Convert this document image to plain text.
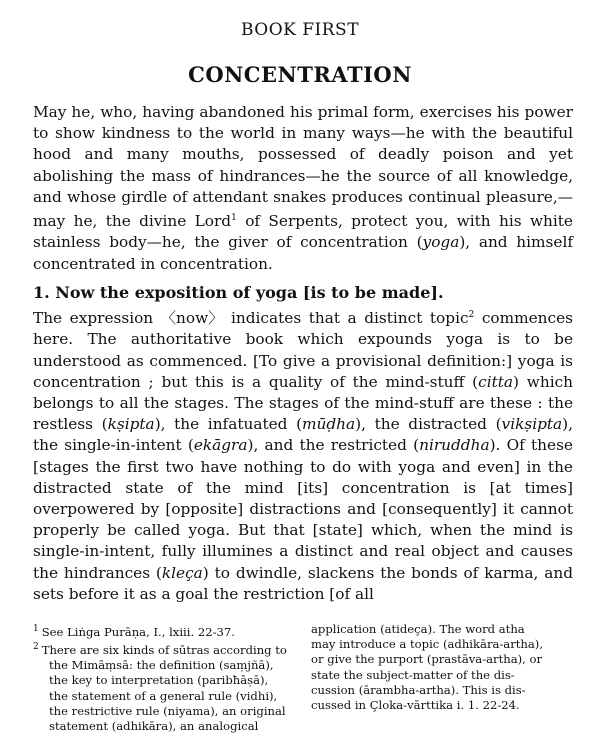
BOOK FIRST
CONCENTRATION

May he, who, having abandoned his primal form, exercises his power to show kindness to the world in many ways—he with the beautiful hood and many mouths, possessed of deadly poison and yet abolishing the mass of hindrances—he the source of all knowledge, and whose girdle of attendant snakes produces continual pleasure,—may he, the divine Lord$^1$ of Serpents, protect you, with his white stainless body—he, the giver of concentration (yoga), and himself concentrated in concentration.

1. Now the exposition of yoga [is to be made].

The expression 〈now〉 indicates that a distinct topic$^2$ commences here. The authoritative book which expounds yoga is to be understood as commenced. [To give a provisional definition:] yoga is concentration ; but this is a quality of the mind-stuff (citta) which belongs to all the stages. The stages of the mind-stuff are these : the restless (kṣipta), the infatuated (mūḍha), the distracted (vikṣipta), the single-in-intent (ekāgra), and the restricted (niruddha). Of these [stages the first two have nothing to do with yoga and even] in the distracted state of the mind [its] concentration is [at times] overpowered by [opposite] distractions and [consequently] it cannot properly be called yoga. But that [state] which, when the mind is single-in-intent, fully illumines a distinct and real object and causes the hindrances (kleça) to dwindle, slackens the bonds of karma, and sets before it as a goal the restriction [of all

$^1$ See Liṅga Purāṇa, I., lxiii. 22-37.
$^2$ There are six kinds of sūtras according to
the Mimāṃsā: the definition (saṃjñā),
the key to interpretation (paribħāṣā),
the statement of a general rule (vidhi),
the restrictive rule (niyama), an original
statement (adhikāra), an analogical
application (atideça). The word atha
may introduce a topic (adhikāra-artha),
or give the purport (prastāva-artha), or
state the subject-matter of the dis-
cussion (ārambha-artha). This is dis-
cussed in Çloka-vārttika i. 1. 22-24.
